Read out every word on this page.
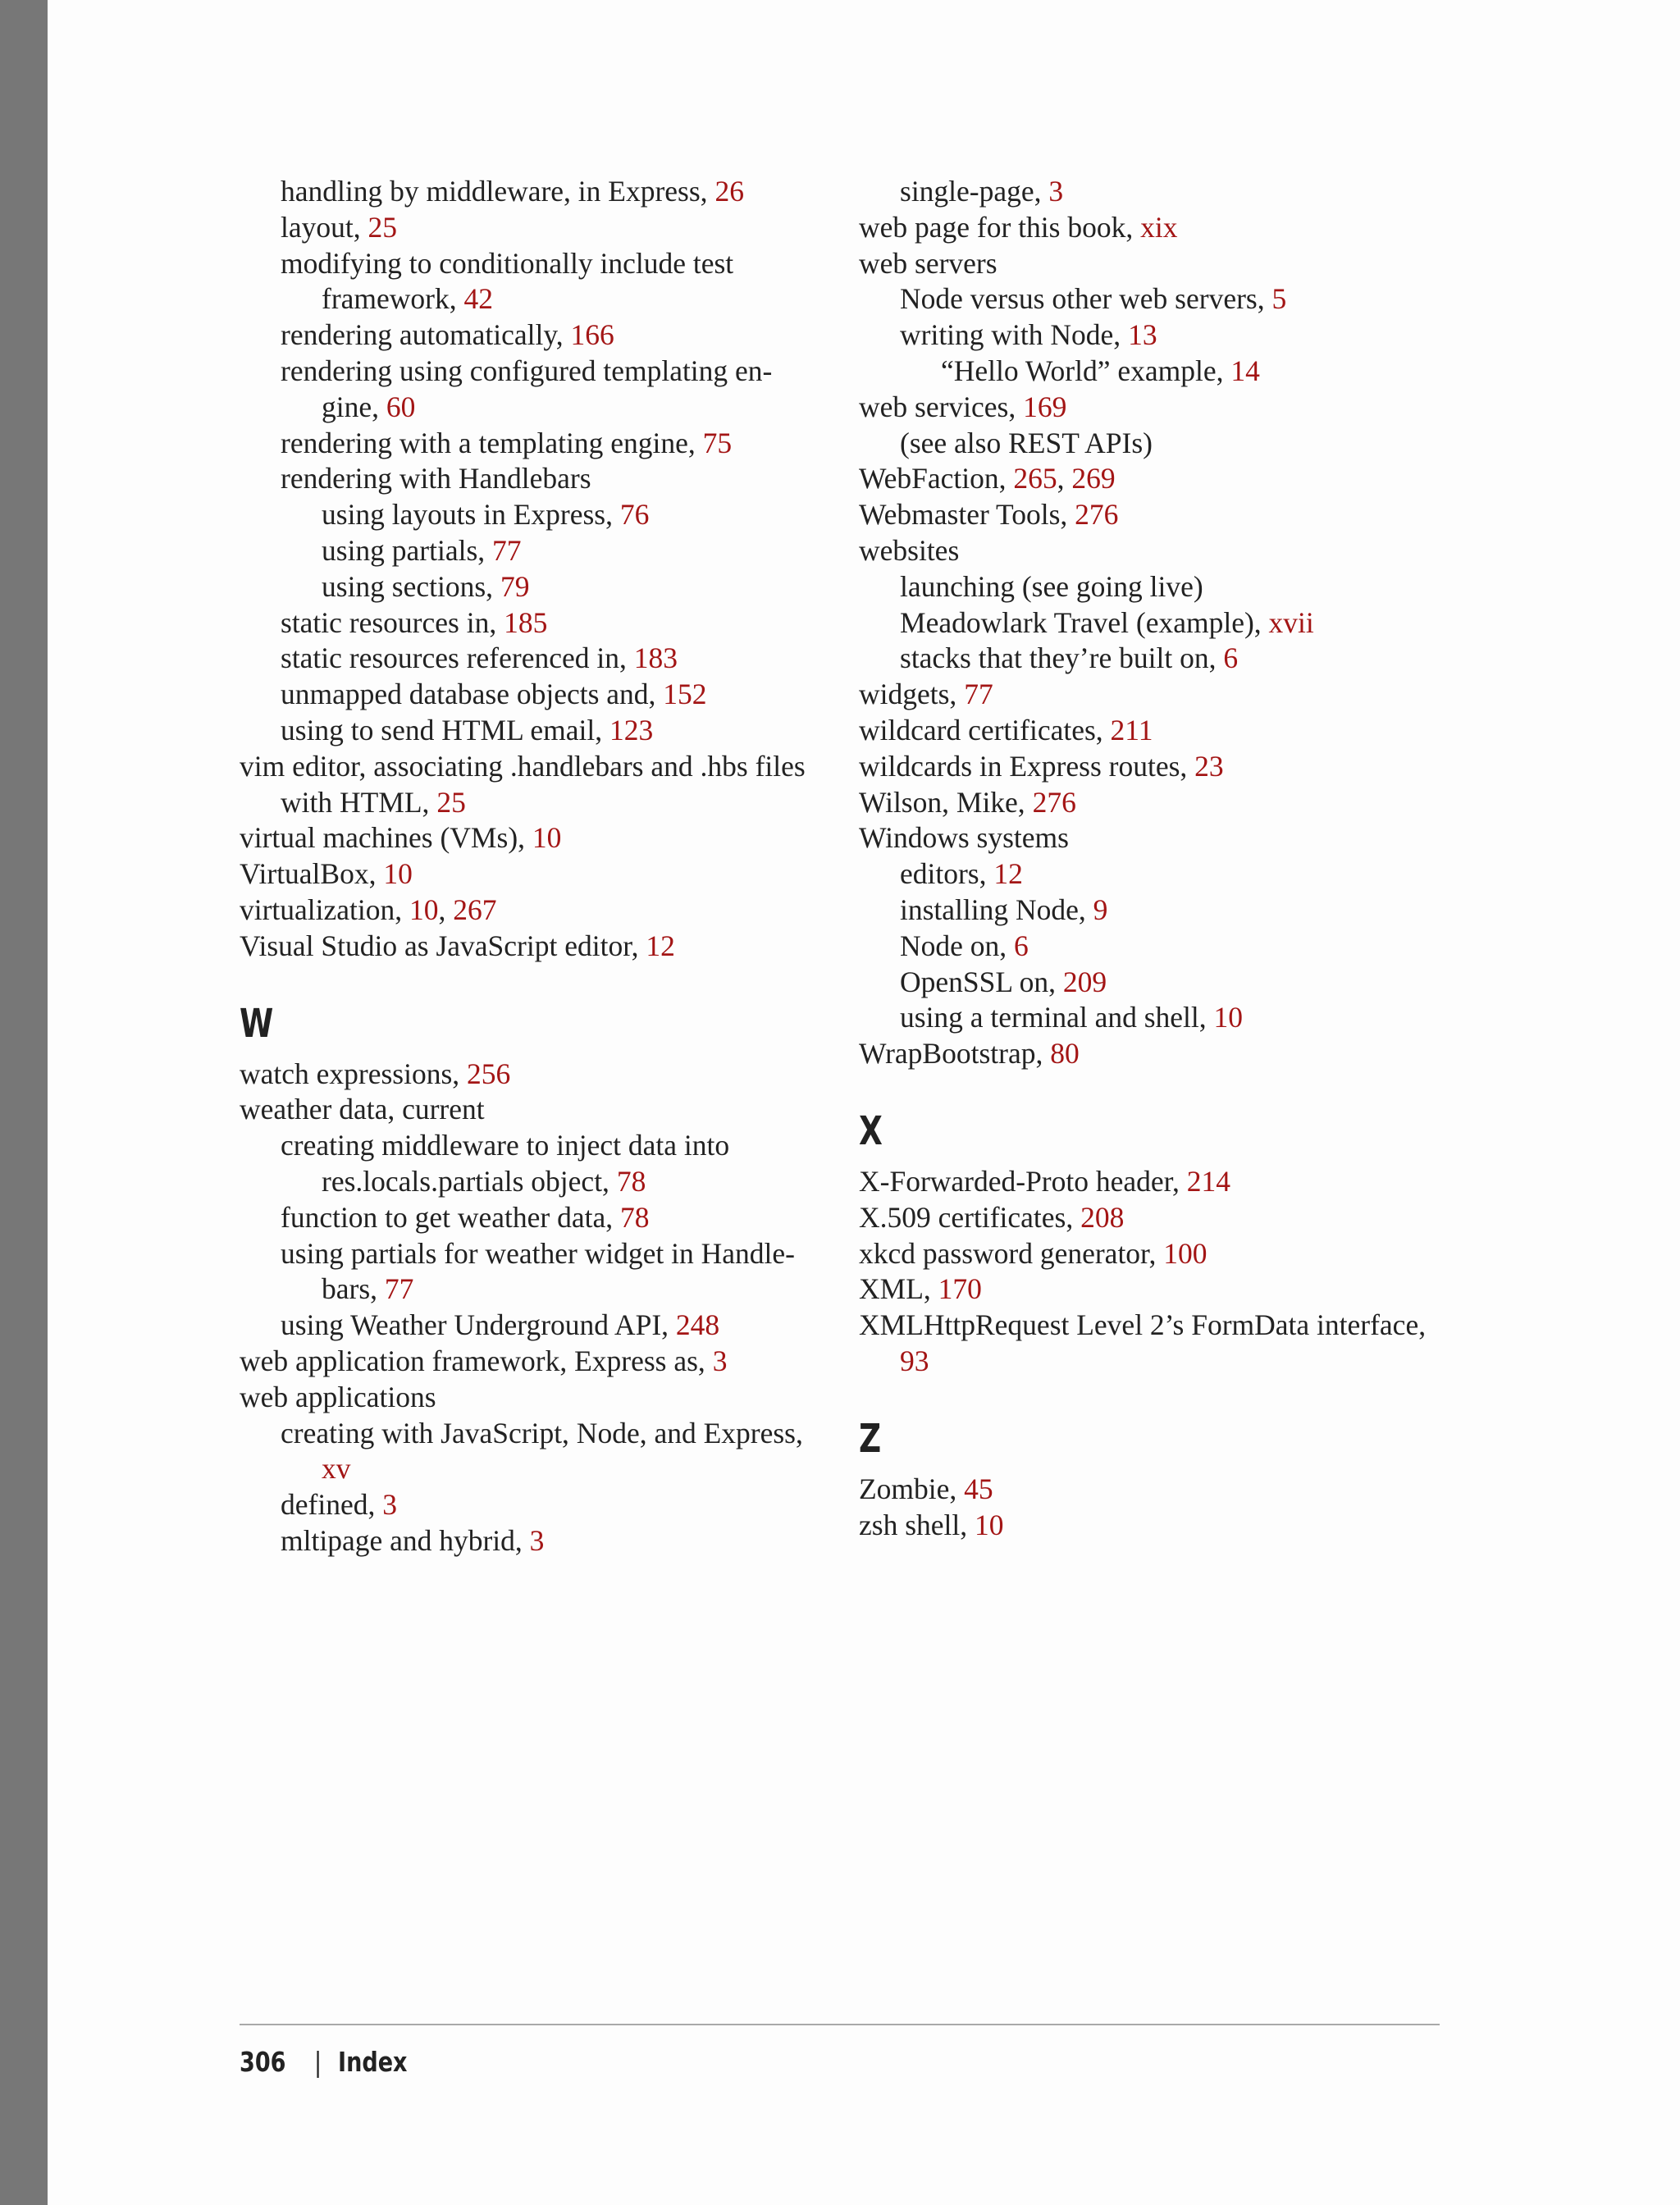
handling by middleware, in Express, 26
layout, 25
modifying to conditionally include test
framework, 42
rendering automatically, 166
rendering using configured templating en-
gine, 60
rendering with a templating engine, 75
rendering with Handlebars
using layouts in Express, 76
using partials, 77
using sections, 79
static resources in, 185
static resources referenced in, 183
unmapped database objects and, 152
using to send HTML email, 123
vim editor, associating .handlebars and .hbs files
with HTML, 25
virtual machines (VMs), 10
VirtualBox, 10
virtualization, 10, 267
Visual Studio as JavaScript editor, 12
W
watch expressions, 256
weather data, current
creating middleware to inject data into
res.locals.partials object, 78
function to get weather data, 78
using partials for weather widget in Handle-
bars, 77
using Weather Underground API, 248
web application framework, Express as, 3
web applications
creating with JavaScript, Node, and Express,
xv
defined, 3
mltipage and hybrid, 3
single-page, 3
web page for this book, xix
web servers
Node versus other web servers, 5
writing with Node, 13
“Hello World” example, 14
web services, 169
(see also REST APIs)
WebFaction, 265, 269
Webmaster Tools, 276
websites
launching (see going live)
Meadowlark Travel (example), xvii
stacks that they’re built on, 6
widgets, 77
wildcard certificates, 211
wildcards in Express routes, 23
Wilson, Mike, 276
Windows systems
editors, 12
installing Node, 9
Node on, 6
OpenSSL on, 209
using a terminal and shell, 10
WrapBootstrap, 80
X
X-Forwarded-Proto header, 214
X.509 certificates, 208
xkcd password generator, 100
XML, 170
XMLHttpRequest Level 2’s FormData interface,
93
Z
Zombie, 45
zsh shell, 10
306 | Index
